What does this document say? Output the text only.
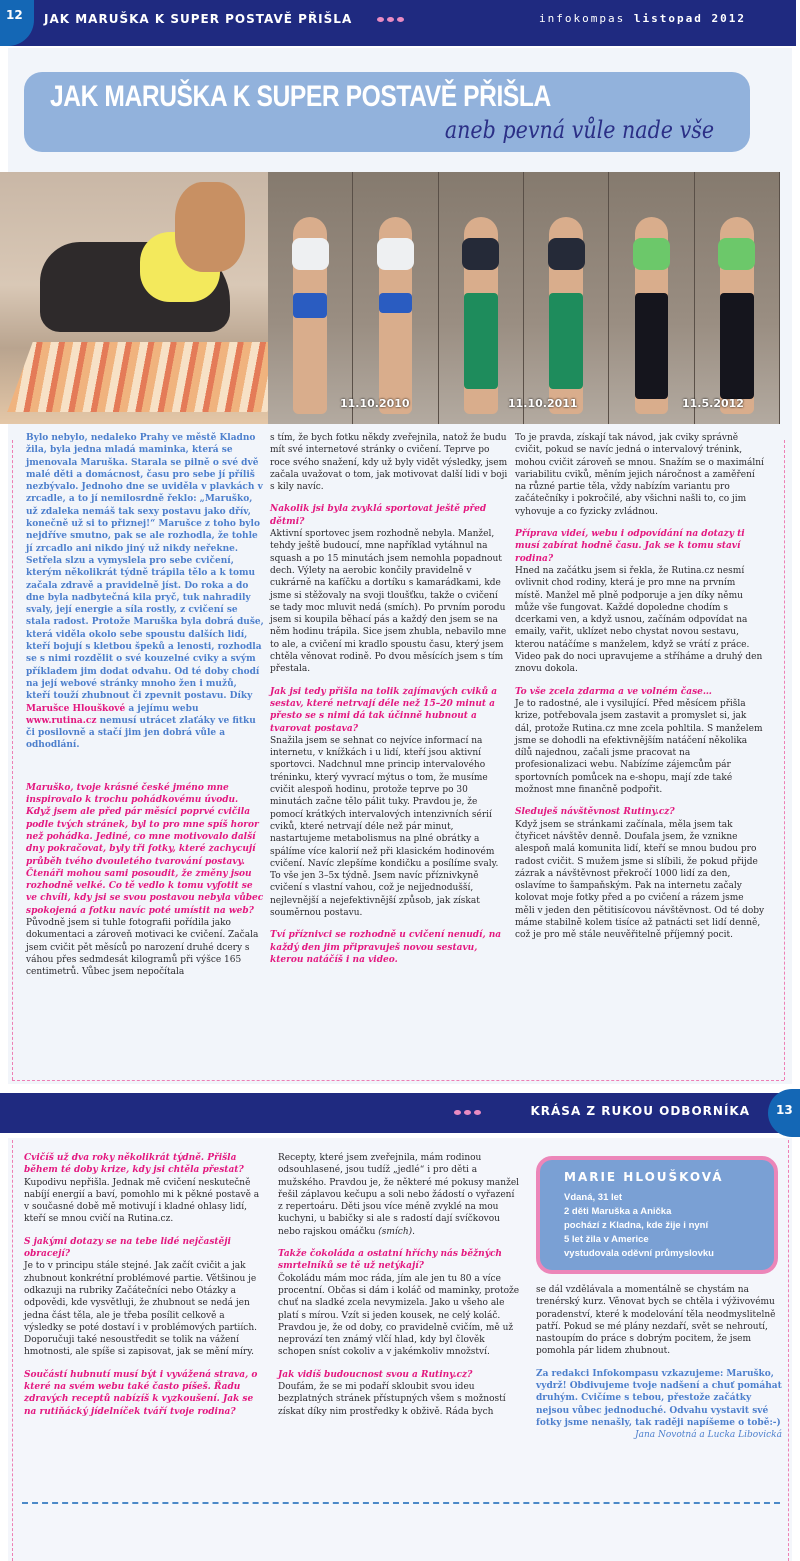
12 JAK MARUŠKA K SUPER POSTAVĚ PŘIŠLA	infokompas listopad 2012
JAK MARUŠKA K SUPER POSTAVĚ PŘIŠLA
aneb pevná vůle nade vše
11.10.2010	11.10.2011	11.5.2012

Bylo nebylo, nedaleko Prahy ve městě Kladno žila, byla jedna mladá maminka, která se jmenovala Maruška. Starala se pilně o své dvě malé děti a domácnost, času pro sebe jí příliš nezbývalo. Jednoho dne se uviděla v plavkách v zrcadle, a to jí nemilosrdně řeklo: „Maruško, už zdaleka nemáš tak sexy postavu jako dřív, konečně už si to přiznej!“ Marušce z toho bylo nejdříve smutno, pak se ale rozhodla, že tohle jí zrcadlo ani nikdo jiný už nikdy neřekne. Setřela slzu a vymyslela pro sebe cvičení, kterým několikrát týdně trápila tělo a k tomu začala zdravě a pravidelně jíst. Do roka a do dne byla nadbytečná kila pryč, tuk nahradily svaly, její energie a síla rostly, z cvičení se stala radost. Protože Maruška byla dobrá duše, která viděla okolo sebe spoustu dalších lidí, kteří bojují s kletbou špeků a lenosti, rozhodla se s nimi rozdělit o své kouzelné cviky a svým příkladem jim dodat odvahu. Od té doby chodí na její webové stránky mnoho žen i mužů, kteří touží zhubnout či zpevnit postavu. Díky Marušce Hlouškové a jejímu webu www.rutina.cz nemusí utrácet zlaťáky ve fitku či posilovně a stačí jim jen dobrá vůle a odhodlání.

Maruško, tvoje krásné české jméno mne inspirovalo k trochu pohádkovému úvodu. Když jsem ale před pár měsíci poprvé cvičila podle tvých stránek, byl to pro mne spíš horor než pohádka. Jediné, co mne motivovalo další dny pokračovat, byly tři fotky, které zachycují průběh tvého dvouletého tvarování postavy. Čtenáři mohou sami posoudit, že změny jsou rozhodně velké. Co tě vedlo k tomu vyfotit se ve chvíli, kdy jsi se svou postavou nebyla vůbec spokojená a fotku navíc poté umístit na web?

Původně jsem si tuhle fotografii pořídila jako dokumentaci a zároveň motivaci ke cvičení. Začala jsem cvičit pět měsíců po narození druhé dcery s váhou přes sedmdesát kilogramů při výšce 165 centimetrů. Vůbec jsem nepočítala

s tím, že bych fotku někdy zveřejnila, natož že budu mít své internetové stránky o cvičení. Teprve po roce svého snažení, kdy už byly vidět výsledky, jsem začala uvažovat o tom, jak motivovat další lidi v boji s kily navíc.

Nakolik jsi byla zvyklá sportovat ještě před dětmi?

Aktivní sportovec jsem rozhodně nebyla. Manžel, tehdy ještě budoucí, mne například vytáhnul na squash a po 15 minutách jsem nemohla popadnout dech. Výlety na aerobic končily pravidelně v cukrárně na kafíčku a dortíku s kamarádkami, kde jsme si stěžovaly na svoji tloušťku, takže o cvičení se tady moc mluvit nedá (smích). Po prvním porodu jsem si koupila běhací pás a každý den jsem se na něm hodinu trápila. Sice jsem zhubla, nebavilo mne to ale, a cvičení mi kradlo spoustu času, který jsem chtěla věnovat rodině. Po dvou měsících jsem s tím přestala.

Jak jsi tedy přišla na tolik zajímavých cviků a sestav, které netrvají déle než 15–20 minut a přesto se s nimi dá tak účinně hubnout a tvarovat postava?

Snažila jsem se sehnat co nejvíce informací na internetu, v knížkách i u lidí, kteří jsou aktivní sportovci. Nadchnul mne princip intervalového tréninku, který vyvrací mýtus o tom, že musíme cvičit alespoň hodinu, protože teprve po 30 minutách začne tělo pálit tuky. Pravdou je, že pomocí krátkých intervalových intenzivních sérií cviků, které netrvají déle než pár minut, nastartujeme metabolismus na plné obrátky a spálíme více kalorií než při klasickém hodinovém cvičení. Navíc zlepšíme kondičku a posílíme svaly. To vše jen 3–5x týdně. Jsem navíc příznivkyně cvičení s vlastní vahou, což je nejjednodušší, nejlevnější a nejefektivnější způsob, jak získat souměrnou postavu.

Tví příznivci se rozhodně u cvičení nenudí, na každý den jim připravuješ novou sestavu, kterou natáčíš i na video.

To je pravda, získají tak návod, jak cviky správně cvičit, pokud se navíc jedná o intervalový trénink, mohou cvičit zároveň se mnou. Snažím se o maximální variabilitu cviků, měním jejich náročnost a zaměření na různé partie těla, vždy nabízím variantu pro začátečníky i pokročilé, aby všichni našli to, co jim vyhovuje a co fyzicky zvládnou.

Příprava videí, webu i odpovídání na dotazy ti musí zabírat hodně času. Jak se k tomu staví rodina?

Hned na začátku jsem si řekla, že Rutina.cz nesmí ovlivnit chod rodiny, která je pro mne na prvním místě. Manžel mě plně podporuje a jen díky němu může vše fungovat. Každé dopoledne chodím s dcerkami ven, a když usnou, začínám odpovídat na emaily, vařit, uklízet nebo chystat novou sestavu, kterou natáčíme s manželem, když se vrátí z práce. Video pak do noci upravujeme a stříháme a druhý den znovu dokola.

To vše zcela zdarma a ve volném čase…

Je to radostné, ale i vysilující. Před měsícem přišla krize, potřebovala jsem zastavit a promyslet si, jak dál, protože Rutina.cz mne zcela pohltila. S manželem jsme se dohodli na efektivnějším natáčení několika dílů najednou, začali jsme pracovat na profesionalizaci webu. Nabízíme zájemcům pár sportovních pomůcek na e-shopu, mají zde také možnost mne finančně podpořit.

Sleduješ návštěvnost Rutiny.cz?

Když jsem se stránkami začínala, měla jsem tak čtyřicet návštěv denně. Doufala jsem, že vznikne alespoň malá komunita lidí, kteří se mnou budou pro radost cvičit. S mužem jsme si slíbili, že pokud přijde zázrak a návštěvnost překročí 1000 lidí za den, oslavíme to šampaňským. Pak na internetu začaly kolovat moje fotky před a po cvičení a rázem jsme měli v jeden den pětitisícovou návštěvnost. Od té doby máme stabilně kolem tisíce až patnácti set lidí denně, což je pro mě stále neuvěřitelně příjemný pocit.

KRÁSA Z RUKOU ODBORNÍKA 13

Cvičíš už dva roky několikrát týdně. Přišla během té doby krize, kdy jsi chtěla přestat?

Kupodivu nepřišla. Jednak mě cvičení neskutečně nabíjí energií a baví, pomohlo mi k pěkné postavě a v současné době mě motivují i kladné ohlasy lidí, kteří se mnou cvičí na Rutina.cz.

S jakými dotazy se na tebe lidé nejčastěji obracejí?

Je to v principu stále stejné. Jak začít cvičit a jak zhubnout konkrétní problémové partie. Většinou je odkazuji na rubriky Začátečníci nebo Otázky a odpovědi, kde vysvětluji, že zhubnout se nedá jen jedna část těla, ale je třeba posílit celkově a výsledky se poté dostaví i v problémových partiích. Doporučuji také nesoustředit se tolik na vážení hmotnosti, ale spíše si zapisovat, jak se mění míry.

Součástí hubnutí musí být i vyvážená strava, o které na svém webu také často píšeš. Řadu zdravých receptů nabízíš k vyzkoušení. Jak se na rutiňácký jídelníček tváří tvoje rodina?

Recepty, které jsem zveřejnila, mám rodinou odsouhlasené, jsou tudíž „jedlé“ i pro děti a mužského. Pravdou je, že některé mé pokusy manžel řešil záplavou kečupu a soli nebo žádostí o vyřazení z repertoáru. Děti jsou více méně zvyklé na mou kuchyni, u babičky si ale s radostí dají svíčkovou nebo rajskou omáčku (smích).

Takže čokoláda a ostatní hříchy nás běžných smrtelníků se tě už netýkají?

Čokoládu mám moc ráda, jím ale jen tu 80 a více procentní. Občas si dám i koláč od maminky, protože chuť na sladké zcela nevymizela. Jako u všeho ale platí s mírou. Vzít si jeden kousek, ne celý koláč. Pravdou je, že od doby, co pravidelně cvičím, mě už neprovází ten známý vlčí hlad, kdy byl člověk schopen sníst cokoliv a v jakémkoliv množství.

Jak vidíš budoucnost svou a Rutiny.cz?

Doufám, že se mi podaří skloubit svou ideu bezplatných stránek přístupných všem s možností získat díky nim prostředky k obživě. Ráda bych

MARIE HLOUŠKOVÁ
Vdaná, 31 let
2 děti Maruška a Anička
pochází z Kladna, kde žije i nyní
5 let žila v Americe
vystudovala oděvní průmyslovku

se dál vzdělávala a momentálně se chystám na trenérský kurz. Věnovat bych se chtěla i výživovému poradenství, které k modelování těla neodmyslitelně patří. Pokud se mé plány nezdaří, svět se nehroutí, nastoupím do práce s dobrým pocitem, že jsem pomohla pár lidem zhubnout.

Za redakci Infokompasu vzkazujeme: Maruško, vydrž! Obdivujeme tvoje nadšení a chuť pomáhat druhým. Cvičíme s tebou, přestože začátky nejsou vůbec jednoduché. Odvahu vystavit své fotky jsme nenašly, tak raději napíšeme o tobě:-)

Jana Novotná a Lucka Libovická
